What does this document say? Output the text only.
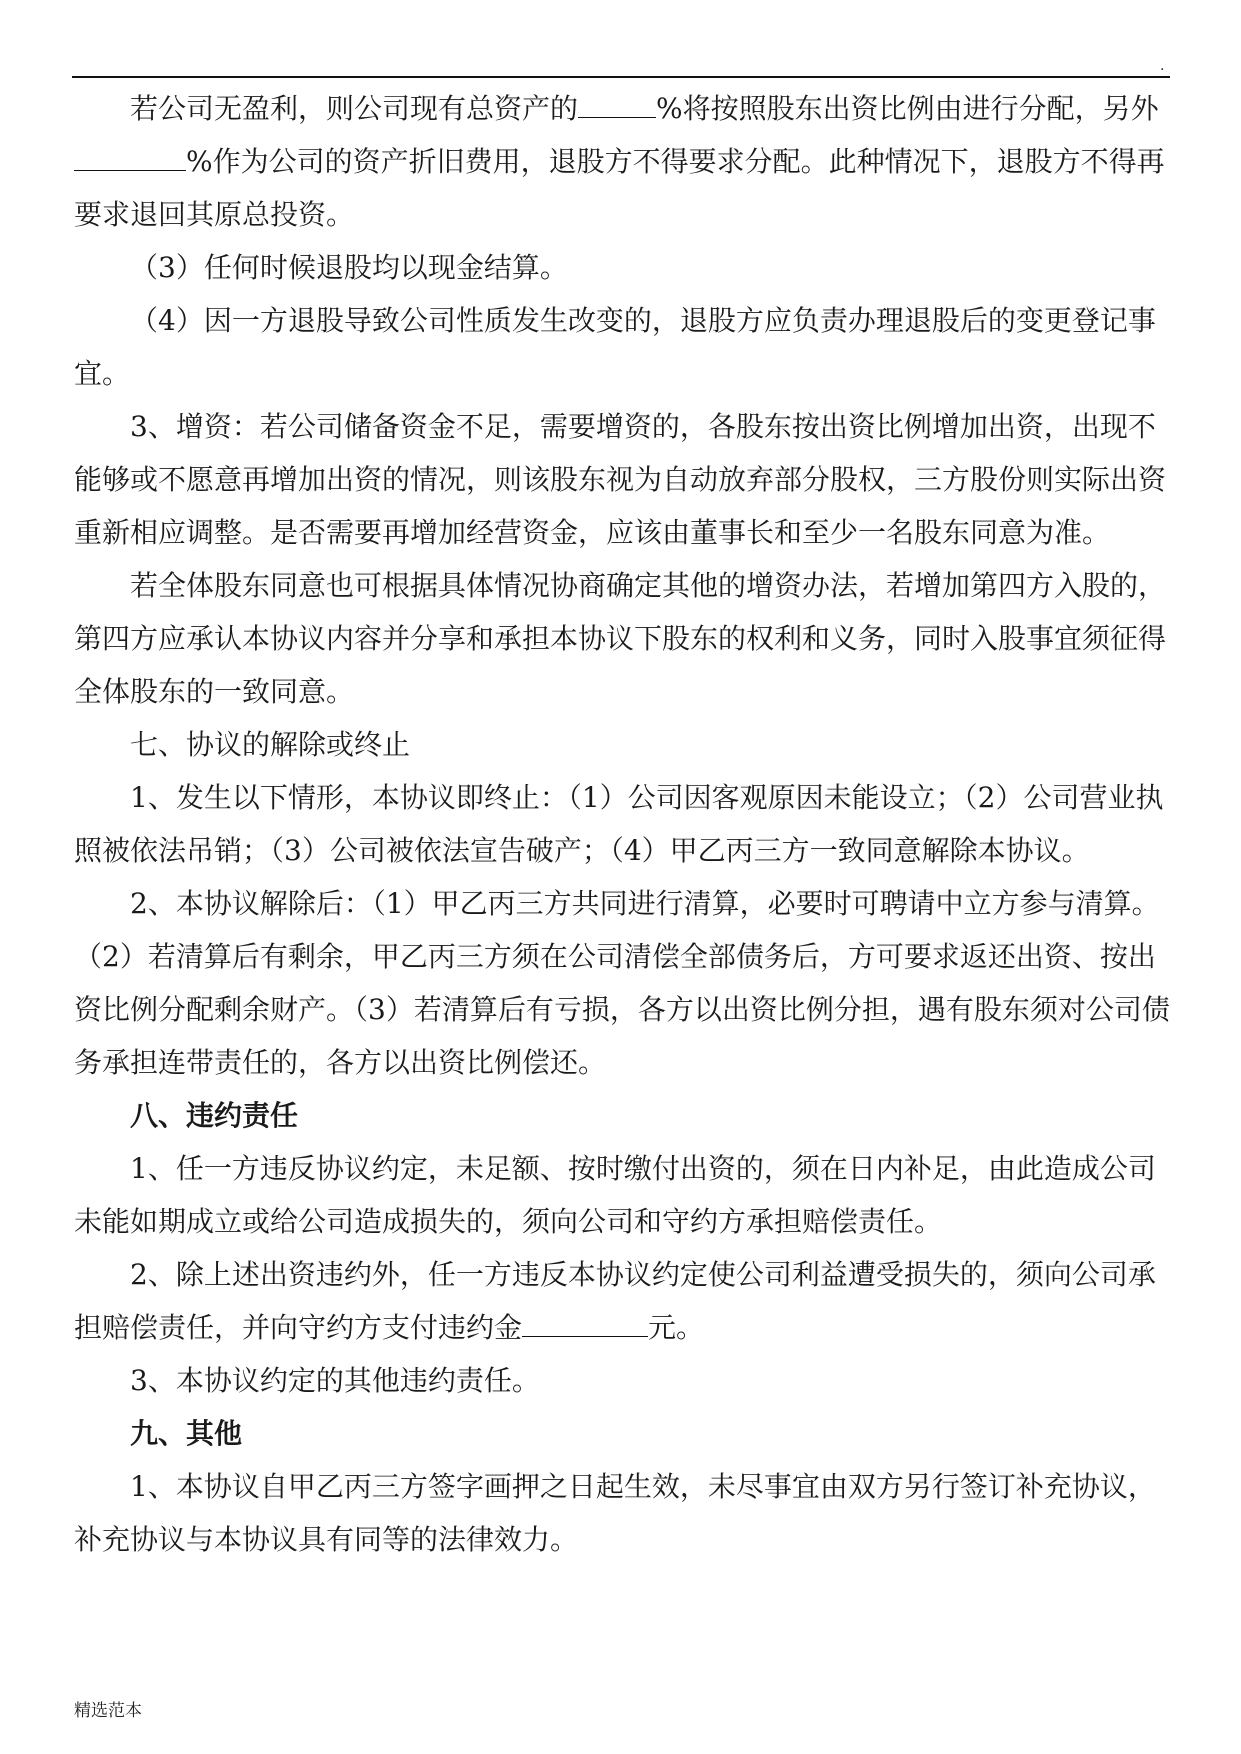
.

若公司无盈利，则公司现有总资产的	%将按照股东出资比例由进行分配，另外%作为公司的资产折旧费用，退股方不得要求分配。此种情况下，退股方不得再要求退回其原总投资。

（3）任何时候退股均以现金结算。

（4）因一方退股导致公司性质发生改变的，退股方应负责办理退股后的变更登记事宜。

3、增资：若公司储备资金不足，需要增资的，各股东按出资比例增加出资，出现不能够或不愿意再增加出资的情况，则该股东视为自动放弃部分股权，三方股份则实际出资重新相应调整。是否需要再增加经营资金，应该由董事长和至少一名股东同意为准。

若全体股东同意也可根据具体情况协商确定其他的增资办法，若增加第四方入股的，第四方应承认本协议内容并分享和承担本协议下股东的权利和义务，同时入股事宜须征得全体股东的一致同意。

七、协议的解除或终止

1、发生以下情形，本协议即终止：（1）公司因客观原因未能设立；（2）公司营业执照被依法吊销；（3）公司被依法宣告破产；（4）甲乙丙三方一致同意解除本协议。

2、本协议解除后：（1）甲乙丙三方共同进行清算，必要时可聘请中立方参与清算。（2）若清算后有剩余，甲乙丙三方须在公司清偿全部债务后，方可要求返还出资、按出资比例分配剩余财产。（3）若清算后有亏损，各方以出资比例分担，遇有股东须对公司债务承担连带责任的，各方以出资比例偿还。

八、违约责任

1、任一方违反协议约定，未足额、按时缴付出资的，须在日内补足，由此造成公司未能如期成立或给公司造成损失的，须向公司和守约方承担赔偿责任。

2、除上述出资违约外，任一方违反本协议约定使公司利益遭受损失的，须向公司承担赔偿责任，并向守约方支付违约金	元。

3、本协议约定的其他违约责任。

九、其他

1、本协议自甲乙丙三方签字画押之日起生效，未尽事宜由双方另行签订补充协议，补充协议与本协议具有同等的法律效力。

精选范本
